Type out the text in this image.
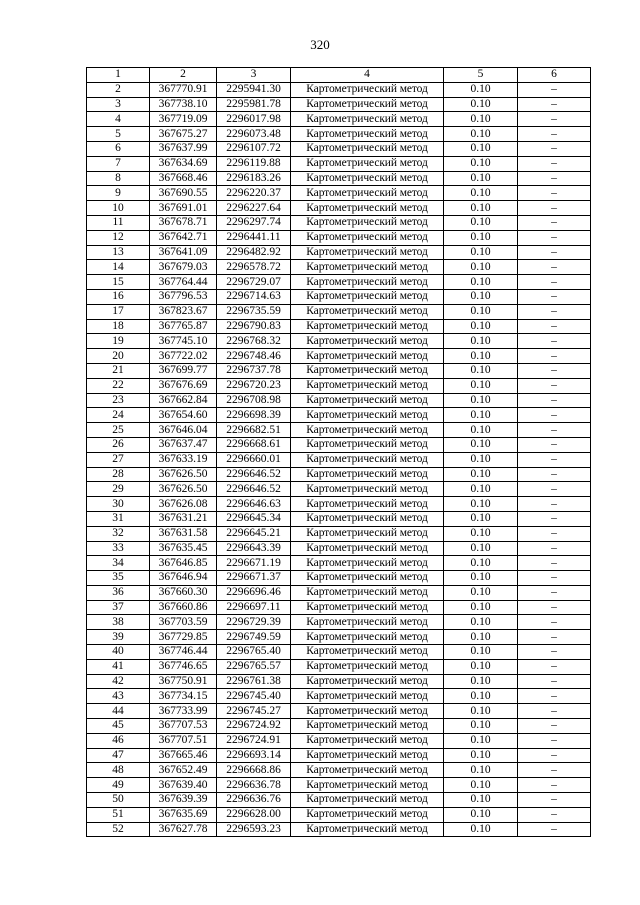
320
1	2	3	4	5	6
2	367770.91	2295941.30	Картометрический метод	0.10	–
3	367738.10	2295981.78	Картометрический метод	0.10	–
4	367719.09	2296017.98	Картометрический метод	0.10	–
5	367675.27	2296073.48	Картометрический метод	0.10	–
6	367637.99	2296107.72	Картометрический метод	0.10	–
7	367634.69	2296119.88	Картометрический метод	0.10	–
8	367668.46	2296183.26	Картометрический метод	0.10	–
9	367690.55	2296220.37	Картометрический метод	0.10	–
10	367691.01	2296227.64	Картометрический метод	0.10	–
11	367678.71	2296297.74	Картометрический метод	0.10	–
12	367642.71	2296441.11	Картометрический метод	0.10	–
13	367641.09	2296482.92	Картометрический метод	0.10	–
14	367679.03	2296578.72	Картометрический метод	0.10	–
15	367764.44	2296729.07	Картометрический метод	0.10	–
16	367796.53	2296714.63	Картометрический метод	0.10	–
17	367823.67	2296735.59	Картометрический метод	0.10	–
18	367765.87	2296790.83	Картометрический метод	0.10	–
19	367745.10	2296768.32	Картометрический метод	0.10	–
20	367722.02	2296748.46	Картометрический метод	0.10	–
21	367699.77	2296737.78	Картометрический метод	0.10	–
22	367676.69	2296720.23	Картометрический метод	0.10	–
23	367662.84	2296708.98	Картометрический метод	0.10	–
24	367654.60	2296698.39	Картометрический метод	0.10	–
25	367646.04	2296682.51	Картометрический метод	0.10	–
26	367637.47	2296668.61	Картометрический метод	0.10	–
27	367633.19	2296660.01	Картометрический метод	0.10	–
28	367626.50	2296646.52	Картометрический метод	0.10	–
29	367626.50	2296646.52	Картометрический метод	0.10	–
30	367626.08	2296646.63	Картометрический метод	0.10	–
31	367631.21	2296645.34	Картометрический метод	0.10	–
32	367631.58	2296645.21	Картометрический метод	0.10	–
33	367635.45	2296643.39	Картометрический метод	0.10	–
34	367646.85	2296671.19	Картометрический метод	0.10	–
35	367646.94	2296671.37	Картометрический метод	0.10	–
36	367660.30	2296696.46	Картометрический метод	0.10	–
37	367660.86	2296697.11	Картометрический метод	0.10	–
38	367703.59	2296729.39	Картометрический метод	0.10	–
39	367729.85	2296749.59	Картометрический метод	0.10	–
40	367746.44	2296765.40	Картометрический метод	0.10	–
41	367746.65	2296765.57	Картометрический метод	0.10	–
42	367750.91	2296761.38	Картометрический метод	0.10	–
43	367734.15	2296745.40	Картометрический метод	0.10	–
44	367733.99	2296745.27	Картометрический метод	0.10	–
45	367707.53	2296724.92	Картометрический метод	0.10	–
46	367707.51	2296724.91	Картометрический метод	0.10	–
47	367665.46	2296693.14	Картометрический метод	0.10	–
48	367652.49	2296668.86	Картометрический метод	0.10	–
49	367639.40	2296636.78	Картометрический метод	0.10	–
50	367639.39	2296636.76	Картометрический метод	0.10	–
51	367635.69	2296628.00	Картометрический метод	0.10	–
52	367627.78	2296593.23	Картометрический метод	0.10	–
